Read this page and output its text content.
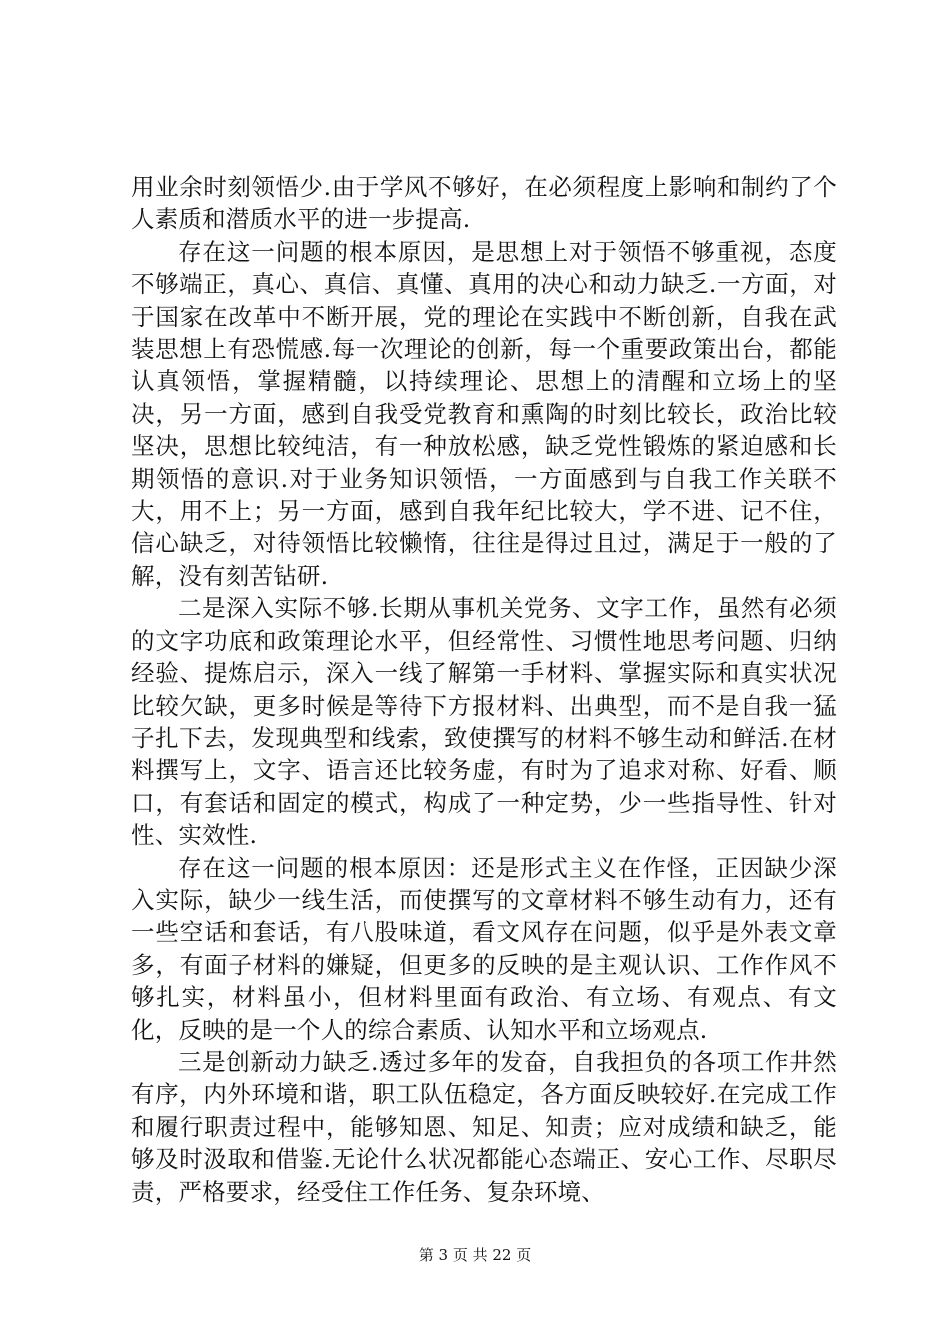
用业余时刻领悟少.由于学风不够好，在必须程度上影响和制约了个人素质和潜质水平的进一步提高.

存在这一问题的根本原因，是思想上对于领悟不够重视，态度不够端正，真心、真信、真懂、真用的决心和动力缺乏.一方面，对于国家在改革中不断开展，党的理论在实践中不断创新，自我在武装思想上有恐慌感.每一次理论的创新，每一个重要政策出台，都能认真领悟，掌握精髓，以持续理论、思想上的清醒和立场上的坚决，另一方面，感到自我受党教育和熏陶的时刻比较长，政治比较坚决，思想比较纯洁，有一种放松感，缺乏党性锻炼的紧迫感和长期领悟的意识.对于业务知识领悟，一方面感到与自我工作关联不大，用不上；另一方面，感到自我年纪比较大，学不进、记不住，信心缺乏，对待领悟比较懒惰，往往是得过且过，满足于一般的了解，没有刻苦钻研.

二是深入实际不够.长期从事机关党务、文字工作，虽然有必须的文字功底和政策理论水平，但经常性、习惯性地思考问题、归纳经验、提炼启示，深入一线了解第一手材料、掌握实际和真实状况比较欠缺，更多时候是等待下方报材料、出典型，而不是自我一猛子扎下去，发现典型和线索，致使撰写的材料不够生动和鲜活.在材料撰写上，文字、语言还比较务虚，有时为了追求对称、好看、顺口，有套话和固定的模式，构成了一种定势，少一些指导性、针对性、实效性.

存在这一问题的根本原因：还是形式主义在作怪，正因缺少深入实际，缺少一线生活，而使撰写的文章材料不够生动有力，还有一些空话和套话，有八股味道，看文风存在问题，似乎是外表文章多，有面子材料的嫌疑，但更多的反映的是主观认识、工作作风不够扎实，材料虽小，但材料里面有政治、有立场、有观点、有文化，反映的是一个人的综合素质、认知水平和立场观点.

三是创新动力缺乏.透过多年的发奋，自我担负的各项工作井然有序，内外环境和谐，职工队伍稳定，各方面反映较好.在完成工作和履行职责过程中，能够知恩、知足、知责；应对成绩和缺乏，能够及时汲取和借鉴.无论什么状况都能心态端正、安心工作、尽职尽责，严格要求，经受住工作任务、复杂环境、

第 3 页 共 22 页
